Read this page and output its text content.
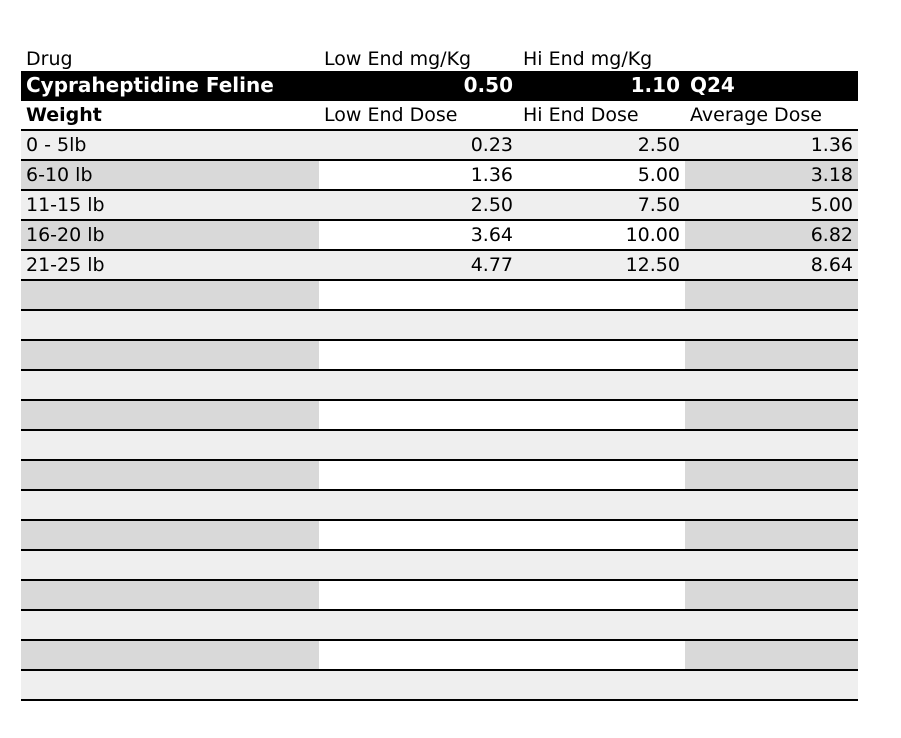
Drug	Low End mg/Kg	Hi End mg/Kg
Cypraheptidine Feline	0.50	1.10 Q24
Weight	Low End Dose	Hi End Dose	Average Dose
0 - 5lb	0.23	2.50	1.36
6-10 lb	1.36	5.00	3.18
11-15 lb	2.50	7.50	5.00
16-20 lb	3.64	10.00	6.82
21-25 lb	4.77	12.50	8.64
